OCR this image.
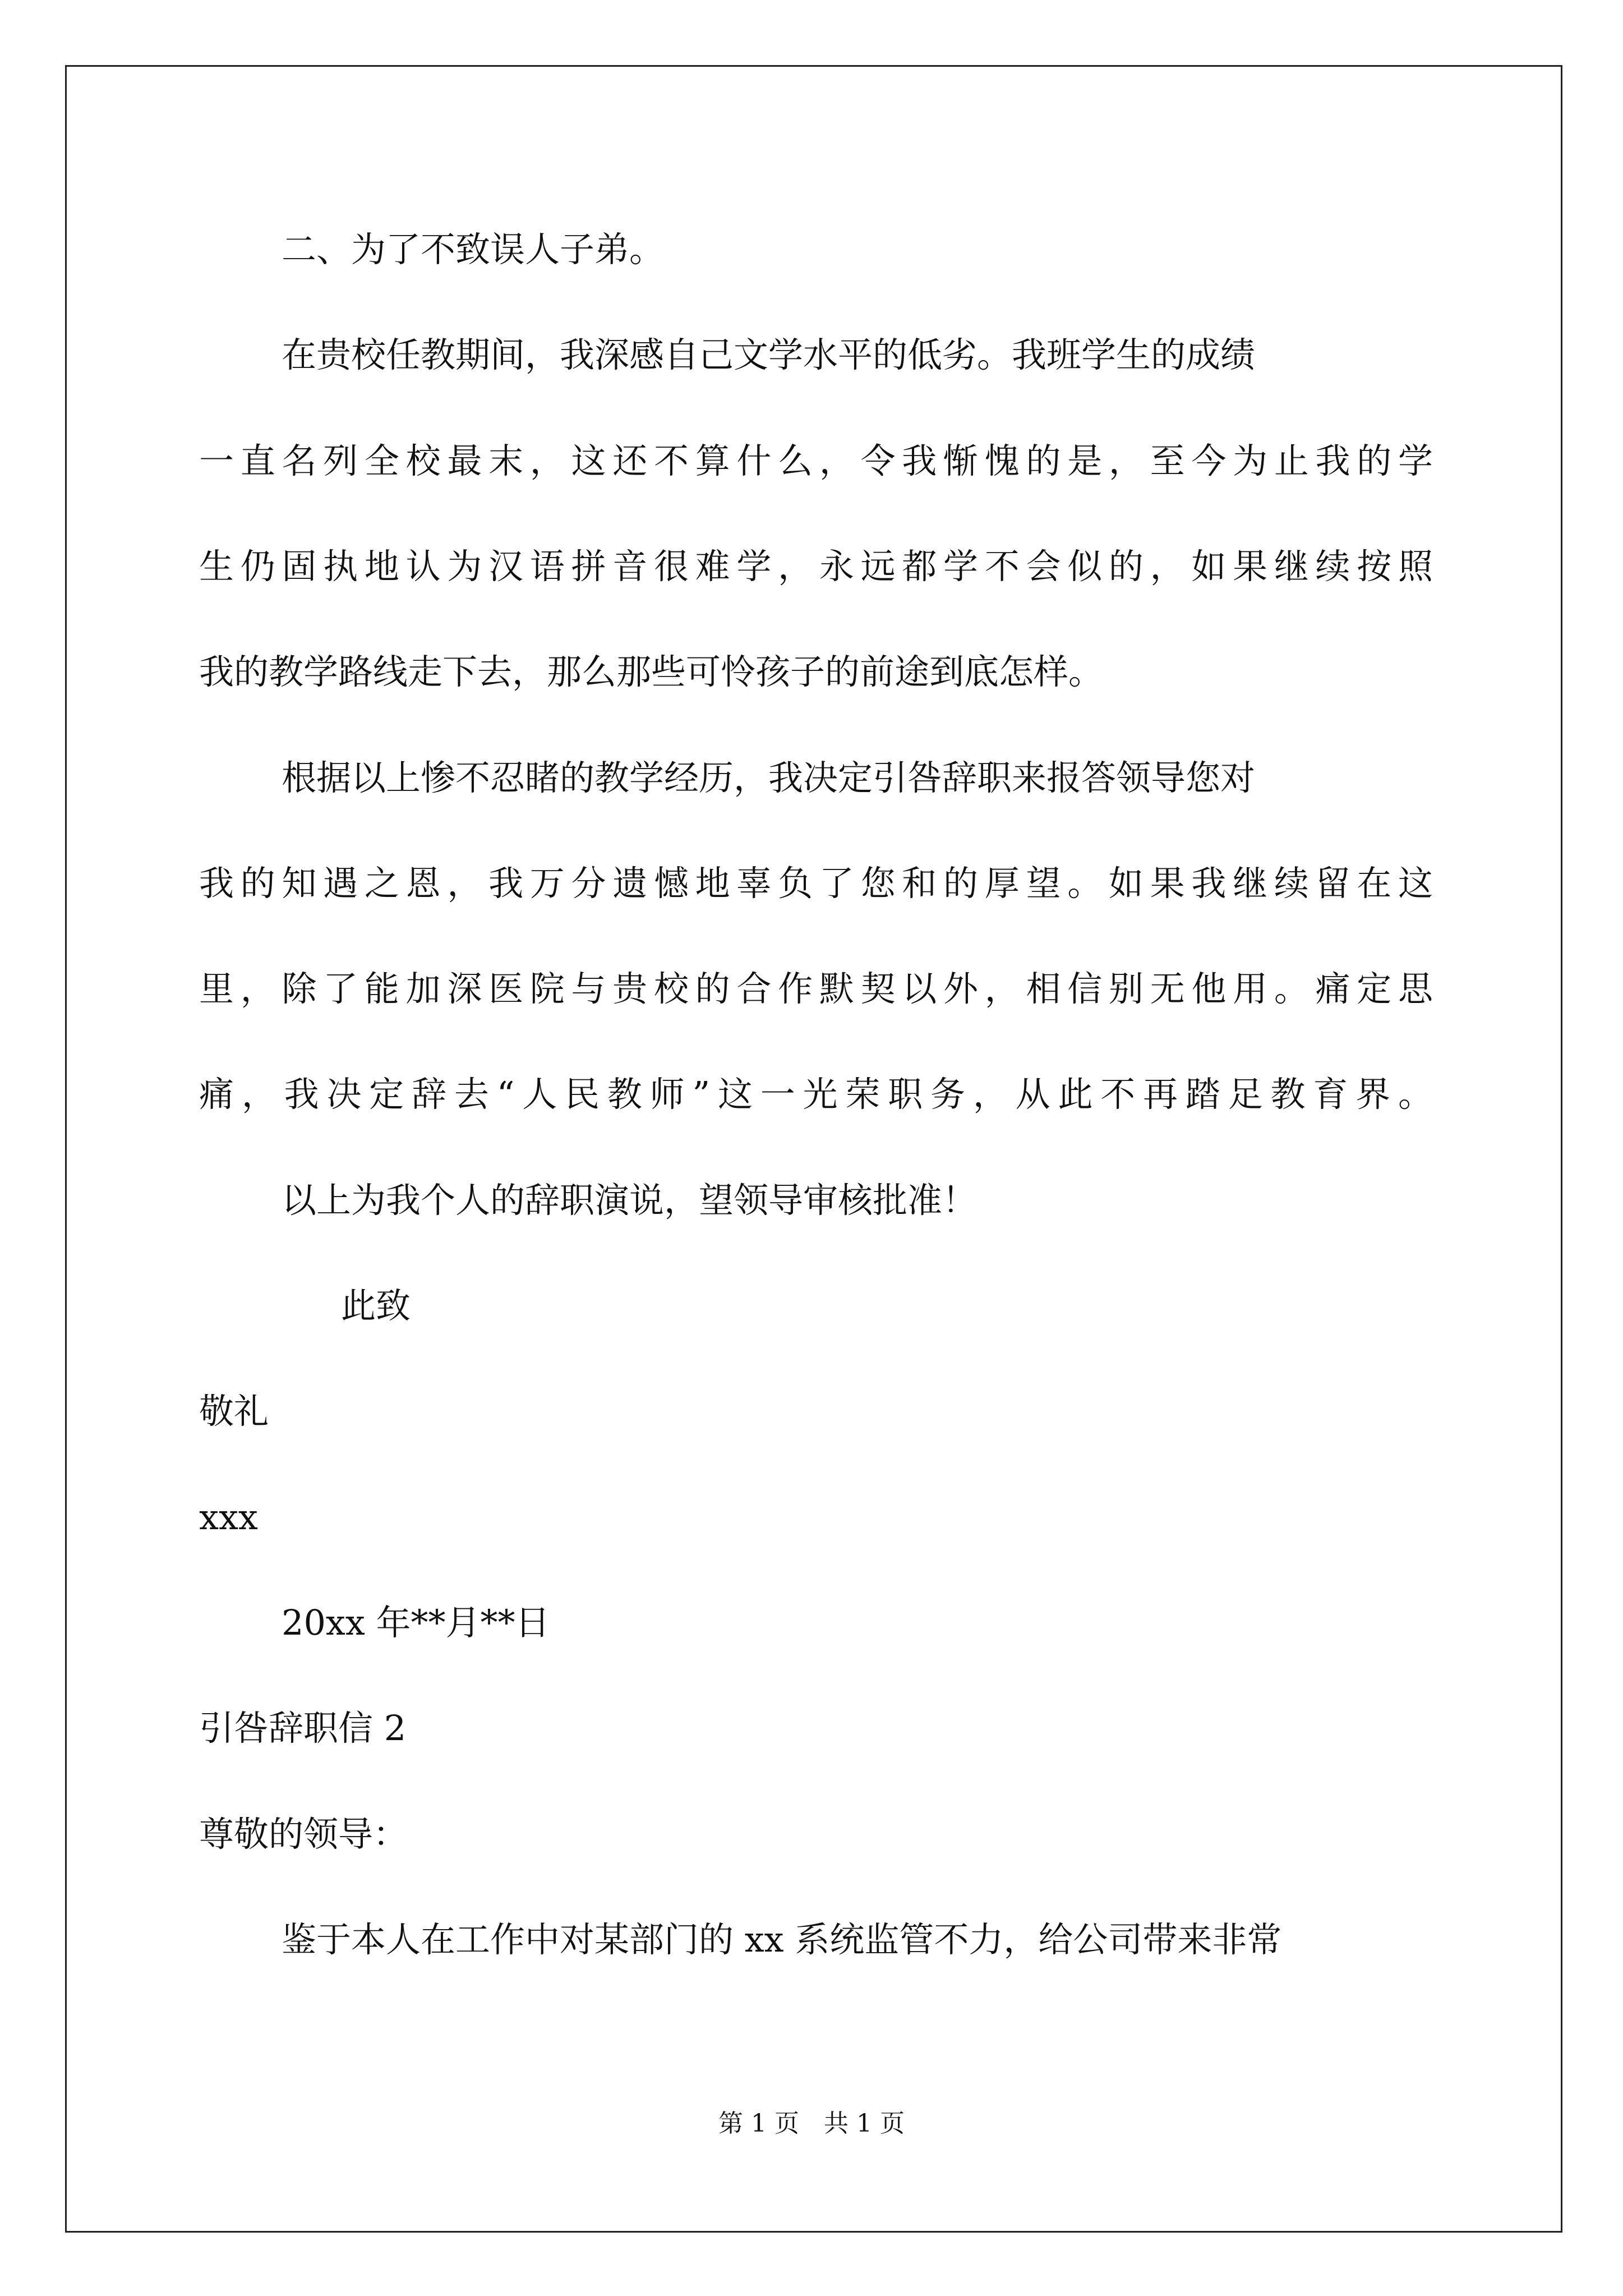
二、为了不致误人子弟。
在贵校任教期间，我深感自己文学水平的低劣。我班学生的成绩
一直名列全校最末，这还不算什么，令我惭愧的是，至今为止我的学
生仍固执地认为汉语拼音很难学，永远都学不会似的，如果继续按照
我的教学路线走下去，那么那些可怜孩子的前途到底怎样。
根据以上惨不忍睹的教学经历，我决定引咎辞职来报答领导您对
我的知遇之恩，我万分遗憾地辜负了您和的厚望。如果我继续留在这
里，除了能加深医院与贵校的合作默契以外，相信别无他用。痛定思
痛，我决定辞去“人民教师”这一光荣职务，从此不再踏足教育界。
以上为我个人的辞职演说，望领导审核批准！
此致
敬礼
xxx
20xx 年**月**日
引咎辞职信 2
尊敬的领导：
鉴于本人在工作中对某部门的 xx 系统监管不力，给公司带来非常
第 1 页　共 1 页
